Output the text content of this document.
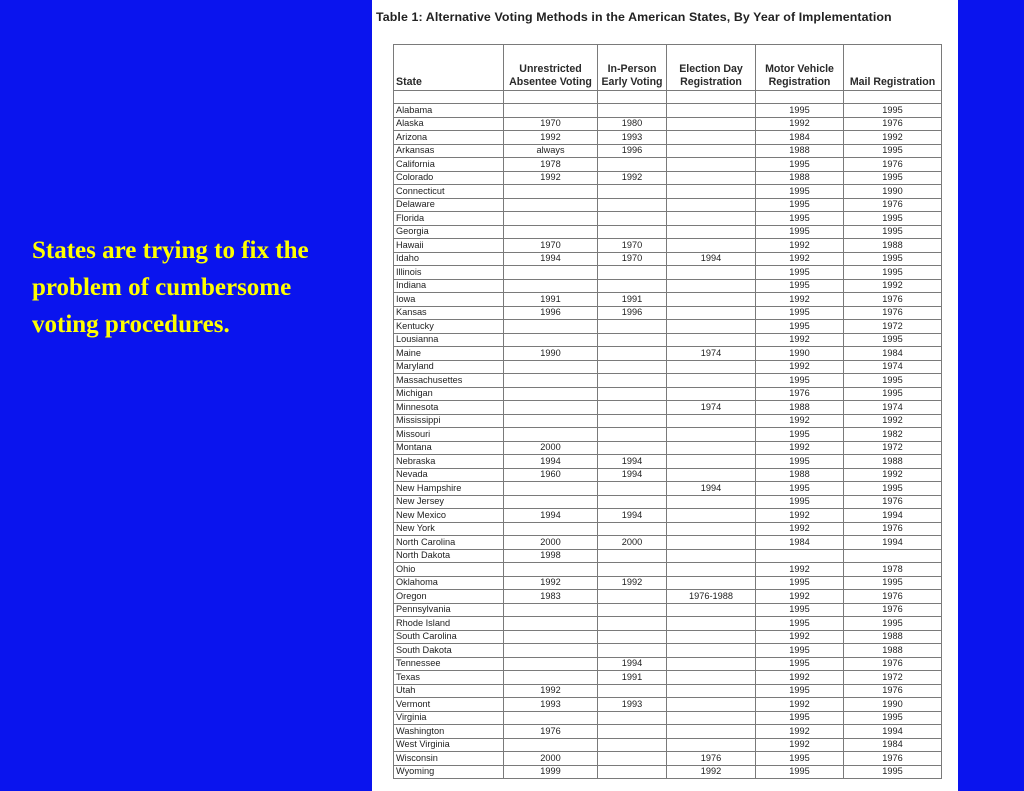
States are trying to fix the problem of cumbersome voting procedures.
Table 1: Alternative Voting Methods in the American States, By Year of Implementation
State	Unrestricted Absentee Voting	In-Person Early Voting	Election Day Registration	Motor Vehicle Registration	Mail Registration

Alabama				1995	1995
Alaska	1970	1980		1992	1976
Arizona	1992	1993		1984	1992
Arkansas	always	1996		1988	1995
California	1978			1995	1976
Colorado	1992	1992		1988	1995
Connecticut				1995	1990
Delaware				1995	1976
Florida				1995	1995
Georgia				1995	1995
Hawaii	1970	1970		1992	1988
Idaho	1994	1970	1994	1992	1995
Illinois				1995	1995
Indiana				1995	1992
Iowa	1991	1991		1992	1976
Kansas	1996	1996		1995	1976
Kentucky				1995	1972
Lousianna				1992	1995
Maine	1990		1974	1990	1984
Maryland				1992	1974
Massachusettes				1995	1995
Michigan				1976	1995
Minnesota			1974	1988	1974
Mississippi				1992	1992
Missouri				1995	1982
Montana	2000			1992	1972
Nebraska	1994	1994		1995	1988
Nevada	1960	1994		1988	1992
New Hampshire			1994	1995	1995
New Jersey				1995	1976
New Mexico	1994	1994		1992	1994
New York				1992	1976
North Carolina	2000	2000		1984	1994
North Dakota	1998				
Ohio				1992	1978
Oklahoma	1992	1992		1995	1995
Oregon	1983		1976-1988	1992	1976
Pennsylvania				1995	1976
Rhode Island				1995	1995
South Carolina				1992	1988
South Dakota				1995	1988
Tennessee		1994		1995	1976
Texas		1991		1992	1972
Utah	1992			1995	1976
Vermont	1993	1993		1992	1990
Virginia				1995	1995
Washington	1976			1992	1994
West Virginia				1992	1984
Wisconsin	2000		1976	1995	1976
Wyoming	1999		1992	1995	1995
